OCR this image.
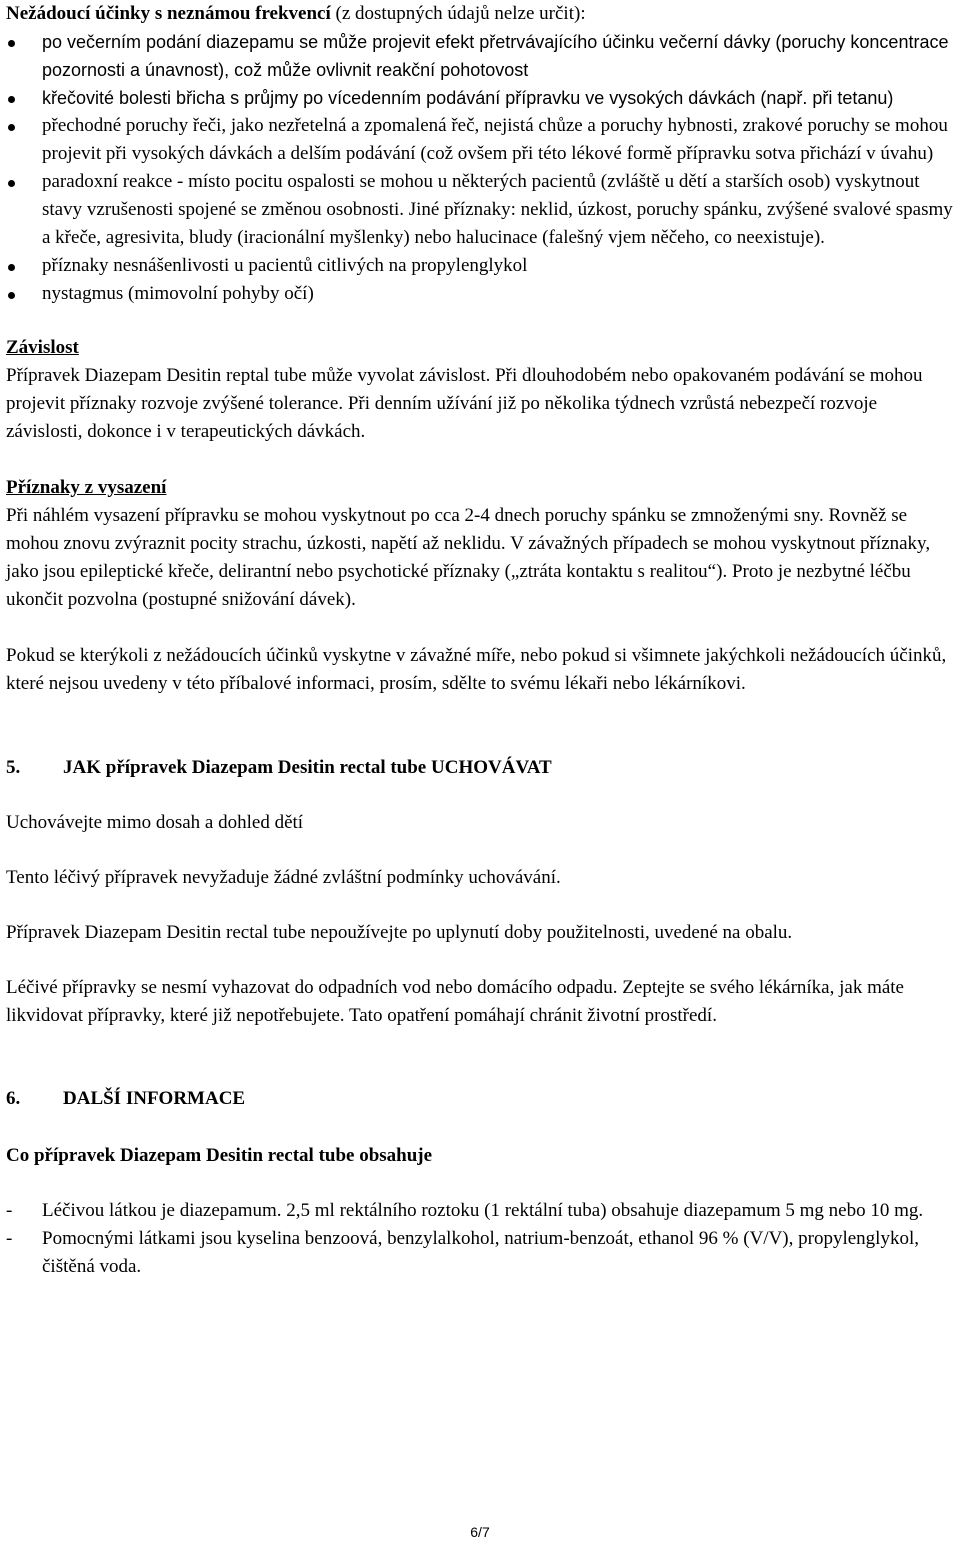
Nežádoucí účinky s neznámou frekvencí (z dostupných údajů nelze určit):

po večerním podání diazepamu se může projevit efekt přetrvávajícího účinku večerní dávky (poruchy koncentrace pozornosti a únavnost), což může ovlivnit reakční pohotovost
křečovité bolesti břicha s průjmy po vícedenním podávání přípravku ve vysokých dávkách (např. při tetanu)
přechodné poruchy řeči, jako nezřetelná a zpomalená řeč, nejistá chůze a poruchy hybnosti, zrakové poruchy se mohou projevit při vysokých dávkách a delším podávání (což ovšem při této lékové formě přípravku sotva přichází v úvahu)
paradoxní reakce - místo pocitu ospalosti se mohou u některých pacientů (zvláště u dětí a starších osob) vyskytnout stavy vzrušenosti spojené se změnou osobnosti. Jiné příznaky: neklid, úzkost, poruchy spánku, zvýšené svalové spasmy a křeče, agresivita, bludy (iracionální myšlenky) nebo halucinace (falešný vjem něčeho, co neexistuje).
příznaky nesnášenlivosti u pacientů citlivých na propylenglykol
nystagmus (mimovolní pohyby očí)

Závislost

Přípravek Diazepam Desitin reptal tube může vyvolat závislost. Při dlouhodobém nebo opakovaném podávání se mohou projevit příznaky rozvoje zvýšené tolerance. Při denním užívání již po několika týdnech vzrůstá nebezpečí rozvoje závislosti, dokonce i v terapeutických dávkách.

Příznaky z vysazení

Při náhlém vysazení přípravku se mohou vyskytnout po cca 2-4 dnech poruchy spánku se zmnoženými sny. Rovněž se mohou znovu zvýraznit pocity strachu, úzkosti, napětí až neklidu. V závažných případech se mohou vyskytnout příznaky, jako jsou epileptické křeče, delirantní nebo psychotické příznaky („ztráta kontaktu s realitou“). Proto je nezbytné léčbu ukončit pozvolna (postupné snižování dávek).

Pokud se kterýkoli z nežádoucích účinků vyskytne v závažné míře, nebo pokud si všimnete jakýchkoli nežádoucích účinků, které nejsou uvedeny v této příbalové informaci, prosím, sdělte to svému lékaři nebo lékárníkovi.

5.	JAK přípravek Diazepam Desitin rectal tube UCHOVÁVAT

Uchovávejte mimo dosah a dohled dětí

Tento léčivý přípravek nevyžaduje žádné zvláštní podmínky uchovávání.

Přípravek Diazepam Desitin rectal tube nepoužívejte po uplynutí doby použitelnosti, uvedené na obalu.

Léčivé přípravky se nesmí vyhazovat do odpadních vod nebo domácího odpadu. Zeptejte se svého lékárníka, jak máte likvidovat přípravky, které již nepotřebujete. Tato opatření pomáhají chránit životní prostředí.

6.	DALŠÍ INFORMACE

Co přípravek Diazepam Desitin rectal tube obsahuje

- Léčivou látkou je diazepamum. 2,5 ml rektálního roztoku (1 rektální tuba) obsahuje diazepamum 5 mg nebo 10 mg.
- Pomocnými látkami jsou kyselina benzoová, benzylalkohol, natrium-benzoát, ethanol 96 % (V/V), propylenglykol, čištěná voda.
6/7
